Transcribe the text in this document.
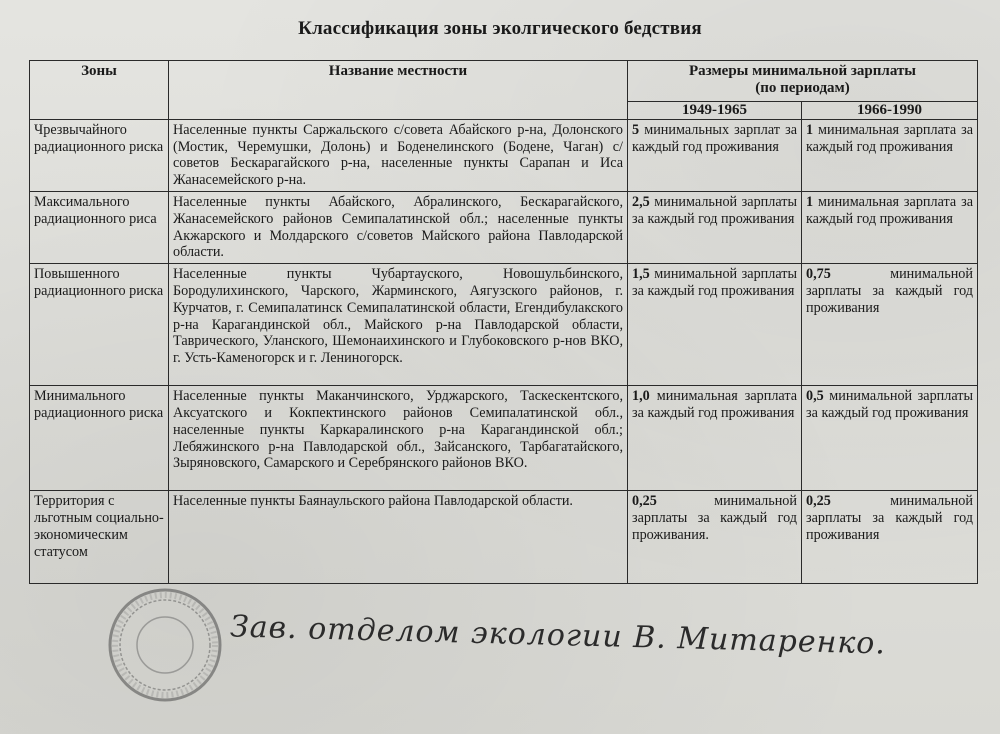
Классификация зоны эколгического бедствия
Зоны	Название местности	Размеры минимальной зарплаты
(по периодам)	
		1949-1965	1966-1990
Чрезвычайного радиационного риска	Населенные пункты Саржальского с/совета Абайского р-на, Долонского (Мостик, Черемушки, Долонь) и Боденелинского (Бодене, Чаган) с/советов Бескарагайского р-на, населенные пункты Сарапан и Иса Жанасемейского р-на.	5 минимальных зарплат за каждый год проживания	1 минимальная зарплата за каждый год проживания
Максимального радиационного риса	Населенные пункты Абайского, Абралинского, Бескарагайского, Жанасемейского районов Семипалатинской обл.; населенные пункты Акжарского и Молдарского с/советов Майского района Павлодарской области.	2,5 минимальной зарплаты за каждый год проживания	1 минимальная зарплата за каждый год проживания
Повышенного радиационного риска	Населенные пункты Чубартауского, Новошульбинского, Бородулихинского, Чарского, Жарминского, Аягузского районов, г. Курчатов, г. Семипалатинск Семипалатинской области, Егендибулакского р-на Карагандинской обл., Майского р-на Павлодарской области, Таврического, Уланского, Шемонаихинского и Глубоковского р-нов ВКО, г. Усть-Каменогорск и г. Лениногорск.	1,5 минимальной зарплаты за каждый год проживания	0,75 минимальной зарплаты за каждый год проживания
Минимального радиационного риска	Населенные пункты Маканчинского, Урджарского, Таскескентского, Аксуатского и Кокпектинского районов Семипалатинской обл., населенные пункты Каркаралинского р-на Карагандинской обл.; Лебяжинского р-на Павлодарской обл., Зайсанского, Тарбагатайского, Зыряновского, Самарского и Серебрянского районов ВКО.	1,0 минимальная зарплата за каждый год проживания	0,5 минимальной зарплаты за каждый год проживания
Территория с льготным социально-экономическим статусом	Населенные пункты Баянаульского района Павлодарской области.	0,25 минимальной зарплаты за каждый год проживания.	0,25 минимальной зарплаты за каждый год проживания
Зав. отделом экологии В. Митаренко.
